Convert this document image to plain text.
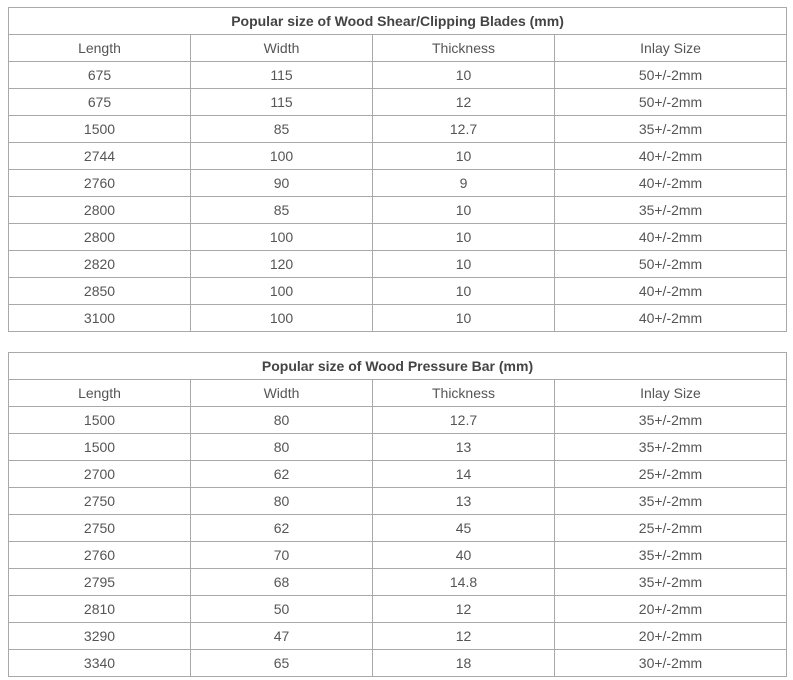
Popular size of Wood Shear/Clipping Blades (mm)			
Length	Width	Thickness	Inlay Size
675	115	10	50+/-2mm
675	115	12	50+/-2mm
1500	85	12.7	35+/-2mm
2744	100	10	40+/-2mm
2760	90	9	40+/-2mm
2800	85	10	35+/-2mm
2800	100	10	40+/-2mm
2820	120	10	50+/-2mm
2850	100	10	40+/-2mm
3100	100	10	40+/-2mm
Popular size of Wood Pressure Bar (mm)			
Length	Width	Thickness	Inlay Size
1500	80	12.7	35+/-2mm
1500	80	13	35+/-2mm
2700	62	14	25+/-2mm
2750	80	13	35+/-2mm
2750	62	45	25+/-2mm
2760	70	40	35+/-2mm
2795	68	14.8	35+/-2mm
2810	50	12	20+/-2mm
3290	47	12	20+/-2mm
3340	65	18	30+/-2mm
